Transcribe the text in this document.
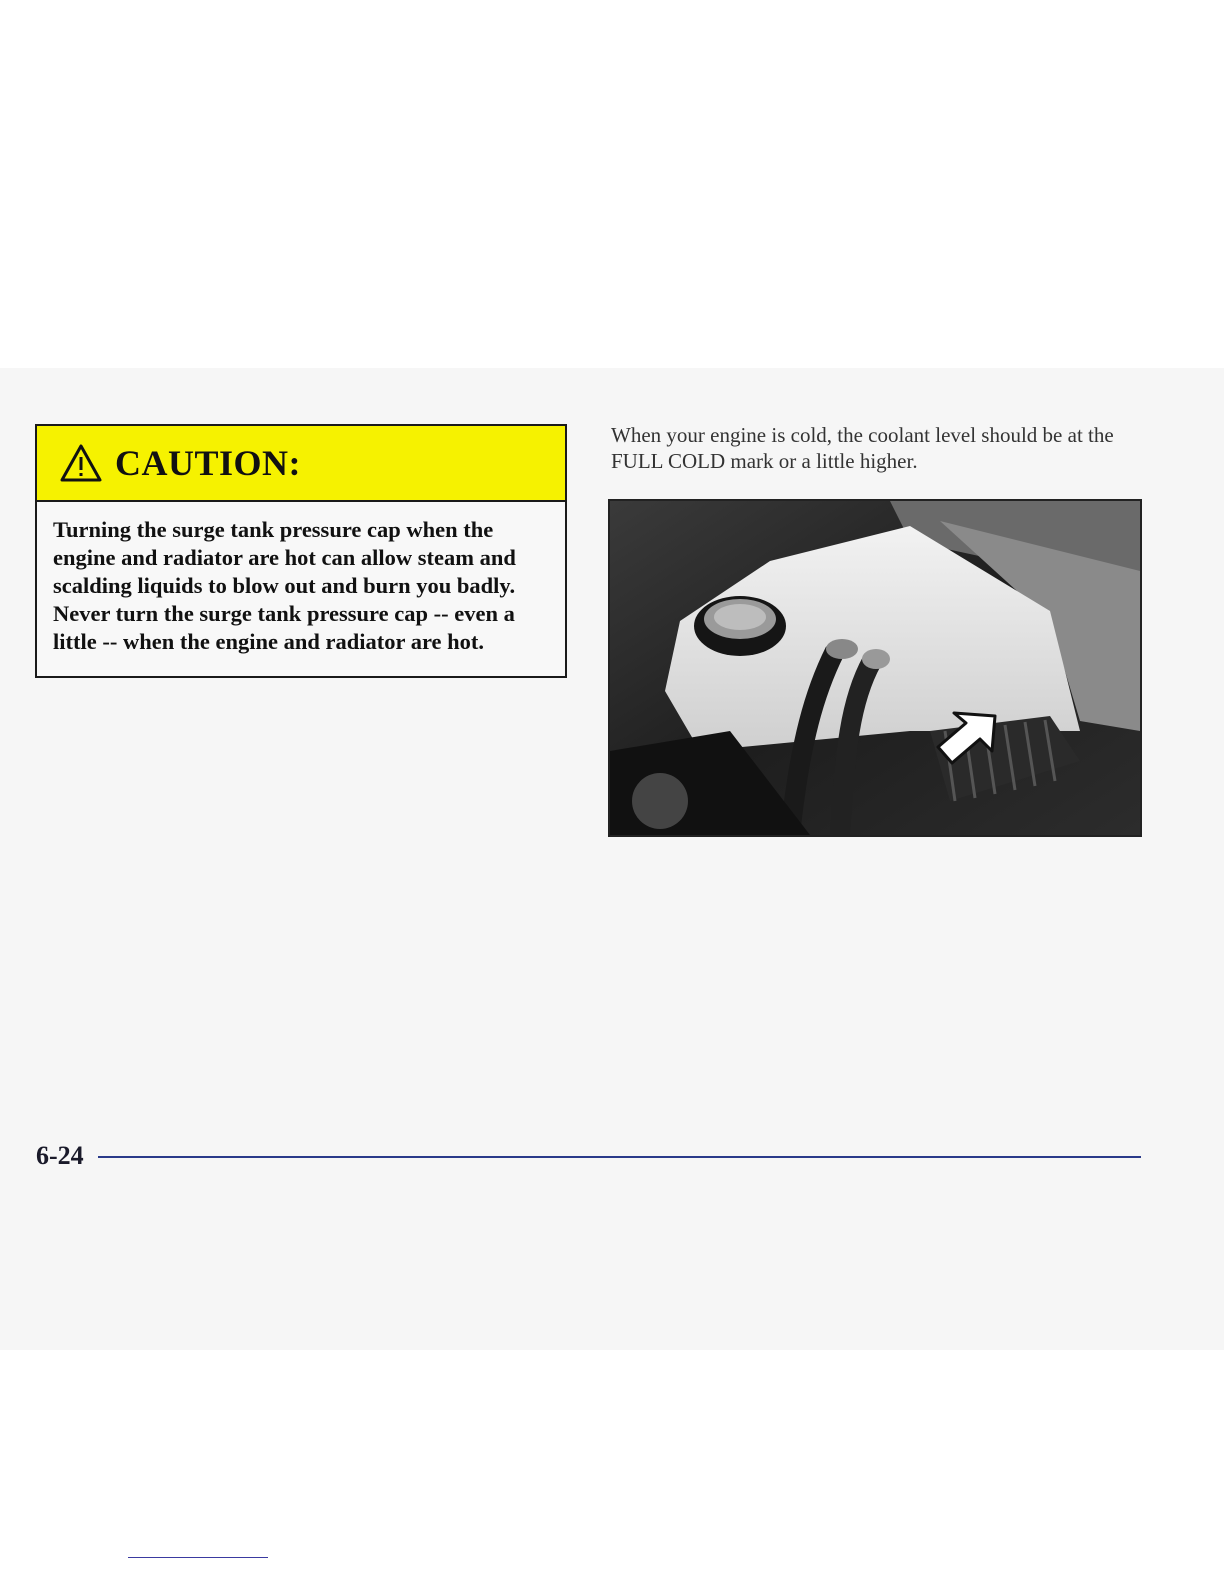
CAUTION:
Turning the surge tank pressure cap when the engine and radiator are hot can allow steam and scalding liquids to blow out and burn you badly. Never turn the surge tank pressure cap -- even a little -- when the engine and radiator are hot.
When your engine is cold, the coolant level should be at the FULL COLD mark or a little higher.
6-24
